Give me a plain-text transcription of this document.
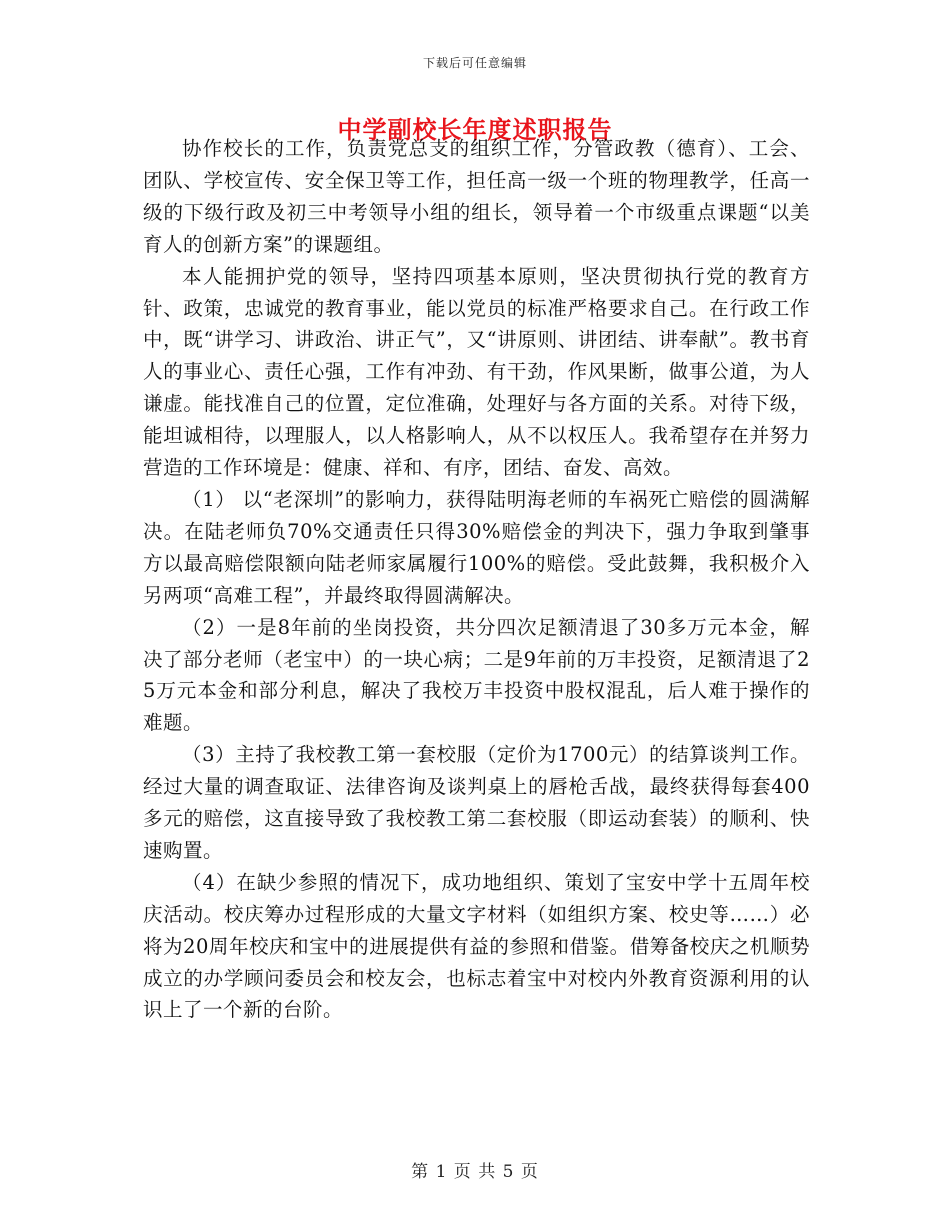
下载后可任意编辑
中学副校长年度述职报告

协作校长的工作，负责党总支的组织工作，分管政教（德育）、工会、团队、学校宣传、安全保卫等工作，担任高一级一个班的物理教学，任高一级的下级行政及初三中考领导小组的组长，领导着一个市级重点课题“以美育人的创新方案”的课题组。

本人能拥护党的领导，坚持四项基本原则，坚决贯彻执行党的教育方针、政策，忠诚党的教育事业，能以党员的标准严格要求自己。在行政工作中，既“讲学习、讲政治、讲正气”，又“讲原则、讲团结、讲奉献”。教书育人的事业心、责任心强，工作有冲劲、有干劲，作风果断，做事公道，为人谦虚。能找准自己的位置，定位准确，处理好与各方面的关系。对待下级，能坦诚相待，以理服人，以人格影响人，从不以权压人。我希望存在并努力营造的工作环境是：健康、祥和、有序，团结、奋发、高效。

（1） 以“老深圳”的影响力，获得陆明海老师的车祸死亡赔偿的圆满解决。在陆老师负70%交通责任只得30%赔偿金的判决下，强力争取到肇事方以最高赔偿限额向陆老师家属履行100%的赔偿。受此鼓舞，我积极介入另两项“高难工程”，并最终取得圆满解决。

（2）一是8年前的坐岗投资，共分四次足额清退了30多万元本金，解决了部分老师（老宝中）的一块心病；二是9年前的万丰投资，足额清退了25万元本金和部分利息，解决了我校万丰投资中股权混乱，后人难于操作的难题。

（3）主持了我校教工第一套校服（定价为1700元）的结算谈判工作。经过大量的调查取证、法律咨询及谈判桌上的唇枪舌战，最终获得每套400多元的赔偿，这直接导致了我校教工第二套校服（即运动套装）的顺利、快速购置。

（4）在缺少参照的情况下，成功地组织、策划了宝安中学十五周年校庆活动。校庆筹办过程形成的大量文字材料（如组织方案、校史等……）必将为20周年校庆和宝中的进展提供有益的参照和借鉴。借筹备校庆之机顺势成立的办学顾问委员会和校友会，也标志着宝中对校内外教育资源利用的认识上了一个新的台阶。

第 1 页 共 5 页
